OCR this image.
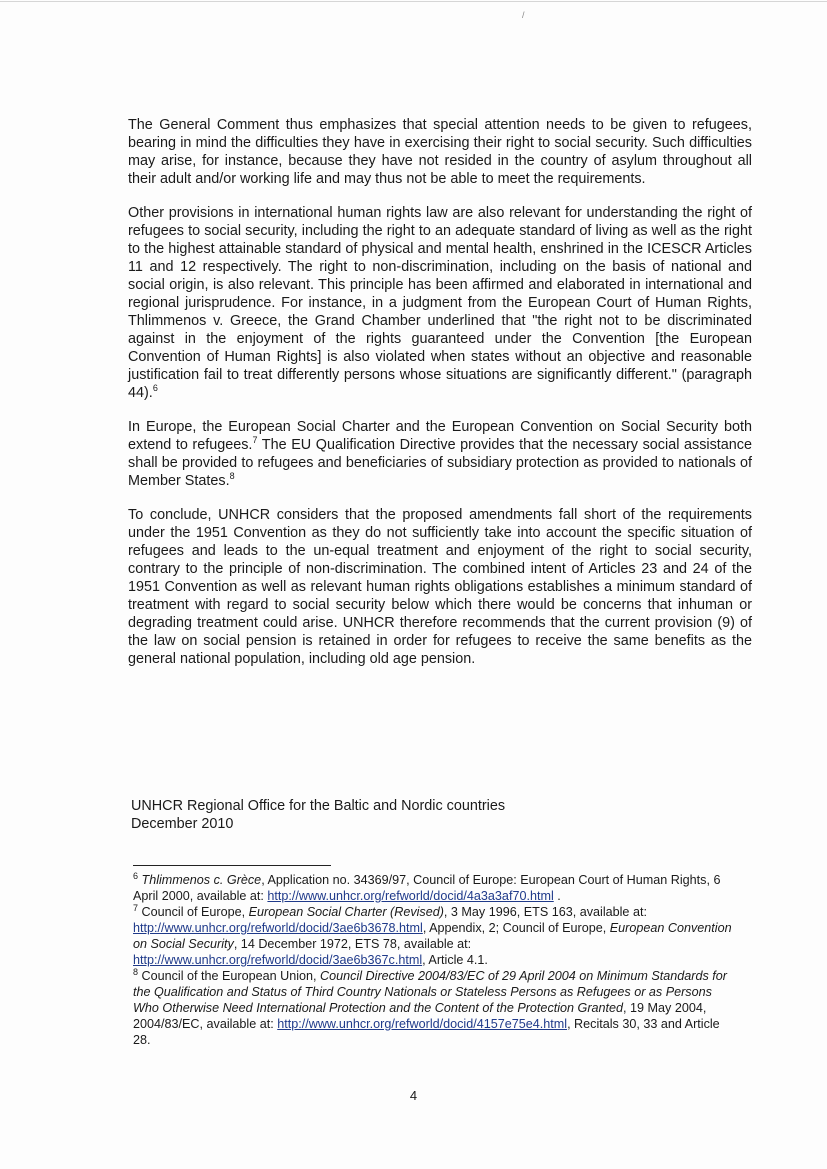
/

The General Comment thus emphasizes that special attention needs to be given to refugees, bearing in mind the difficulties they have in exercising their right to social security. Such difficulties may arise, for instance, because they have not resided in the country of asylum throughout all their adult and/or working life and may thus not be able to meet the requirements.

Other provisions in international human rights law are also relevant for understanding the right of refugees to social security, including the right to an adequate standard of living as well as the right to the highest attainable standard of physical and mental health, enshrined in the ICESCR Articles 11 and 12 respectively. The right to non-discrimination, including on the basis of national and social origin, is also relevant. This principle has been affirmed and elaborated in international and regional jurisprudence. For instance, in a judgment from the European Court of Human Rights, Thlimmenos v. Greece, the Grand Chamber underlined that "the right not to be discriminated against in the enjoyment of the rights guaranteed under the Convention [the European Convention of Human Rights] is also violated when states without an objective and reasonable justification fail to treat differently persons whose situations are significantly different." (paragraph 44).$^6$

In Europe, the European Social Charter and the European Convention on Social Security both extend to refugees.$^7$ The EU Qualification Directive provides that the necessary social assistance shall be provided to refugees and beneficiaries of subsidiary protection as provided to nationals of Member States.$^8$

To conclude, UNHCR considers that the proposed amendments fall short of the requirements under the 1951 Convention as they do not sufficiently take into account the specific situation of refugees and leads to the un-equal treatment and enjoyment of the right to social security, contrary to the principle of non-discrimination. The combined intent of Articles 23 and 24 of the 1951 Convention as well as relevant human rights obligations establishes a minimum standard of treatment with regard to social security below which there would be concerns that inhuman or degrading treatment could arise. UNHCR therefore recommends that the current provision (9) of the law on social pension is retained in order for refugees to receive the same benefits as the general national population, including old age pension.

UNHCR Regional Office for the Baltic and Nordic countries
December 2010

$^6$ Thlimmenos c. Grèce, Application no. 34369/97, Council of Europe: European Court of Human Rights, 6 April 2000, available at: http://www.unhcr.org/refworld/docid/4a3a3af70.html .

$^7$ Council of Europe, European Social Charter (Revised), 3 May 1996, ETS 163, available at: http://www.unhcr.org/refworld/docid/3ae6b3678.html, Appendix, 2; Council of Europe, European Convention on Social Security, 14 December 1972, ETS 78, available at: http://www.unhcr.org/refworld/docid/3ae6b367c.html, Article 4.1.

$^8$ Council of the European Union, Council Directive 2004/83/EC of 29 April 2004 on Minimum Standards for the Qualification and Status of Third Country Nationals or Stateless Persons as Refugees or as Persons Who Otherwise Need International Protection and the Content of the Protection Granted, 19 May 2004, 2004/83/EC, available at: http://www.unhcr.org/refworld/docid/4157e75e4.html, Recitals 30, 33 and Article 28.

4
